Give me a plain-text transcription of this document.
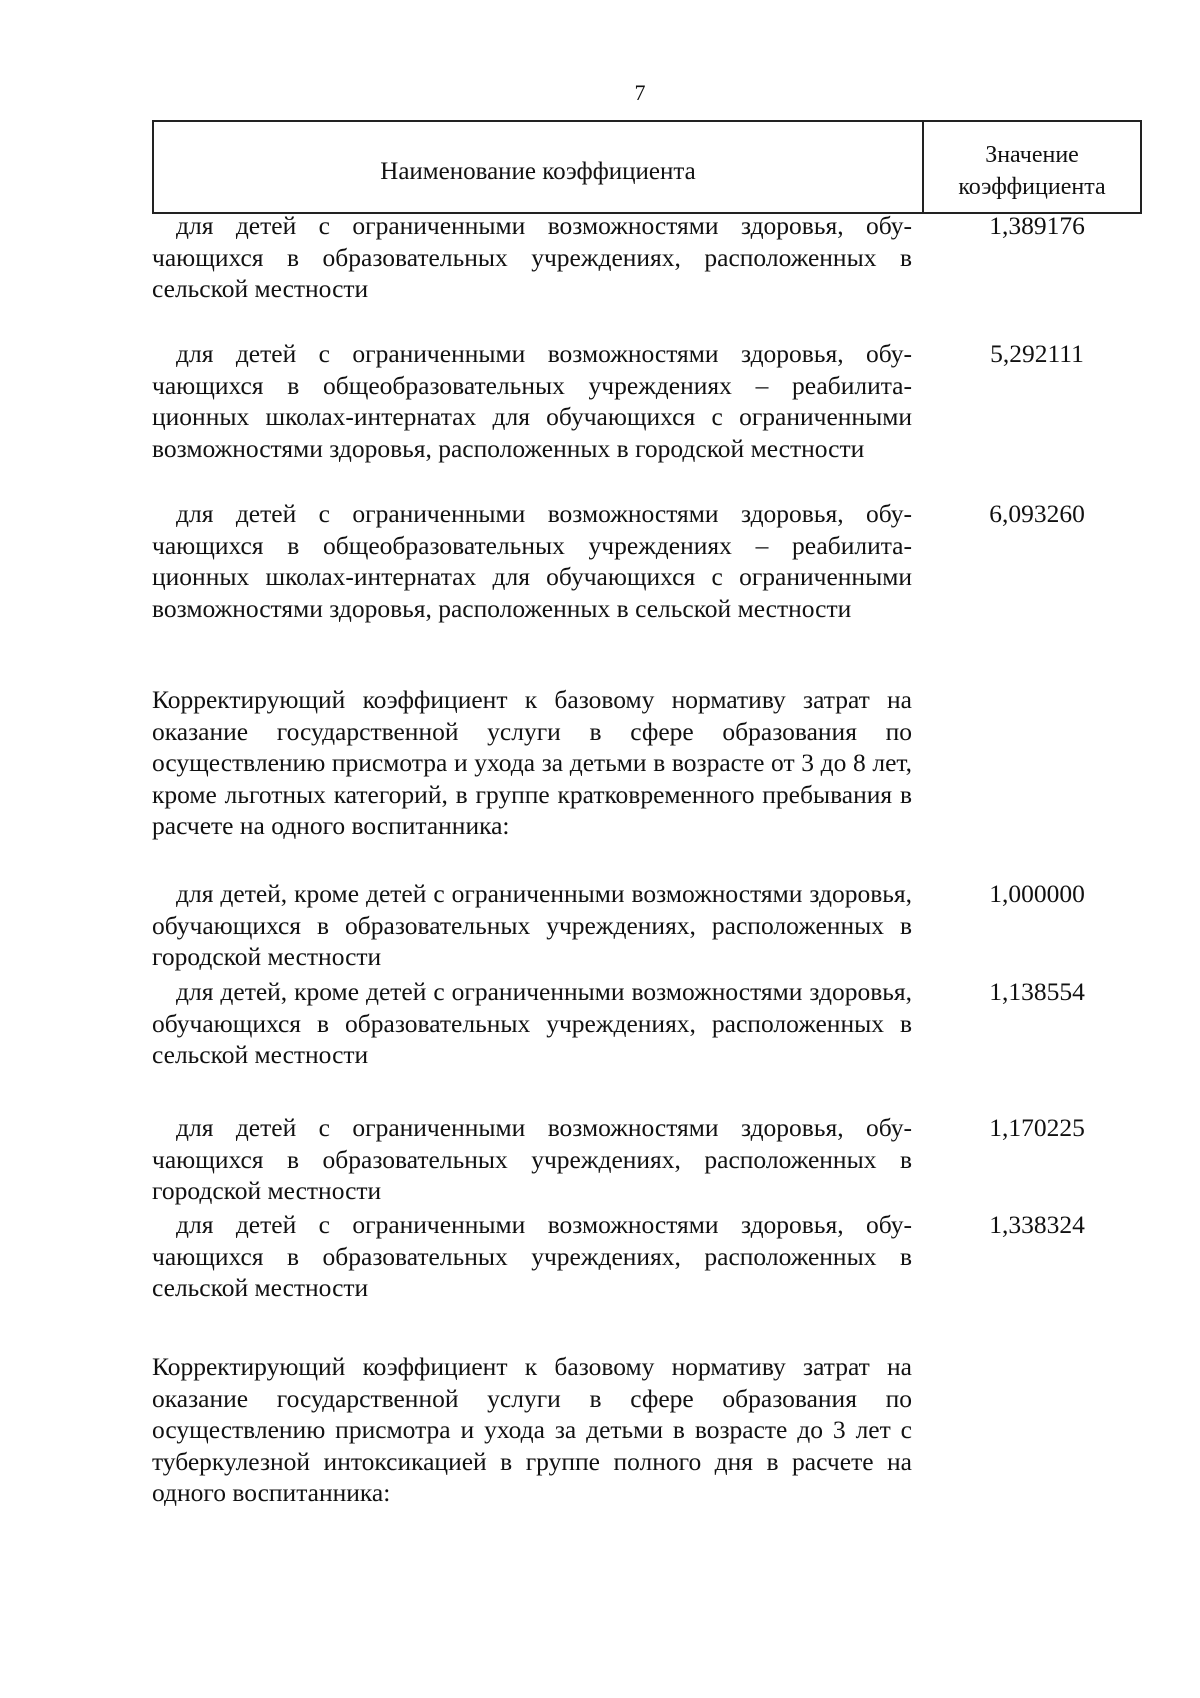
7
Наименование коэффициента
Значение коэффициента
для детей с ограниченными возможностями здоровья, обучающихся в образовательных учреждениях, расположенных в сельской местности
1,389176
для детей с ограниченными возможностями здоровья, обучающихся в общеобразовательных учреждениях – реабилитационных школах-интернатах для обучающихся с ограниченными возможностями здоровья, расположенных в городской местности
5,292111
для детей с ограниченными возможностями здоровья, обучающихся в общеобразовательных учреждениях – реабилитационных школах-интернатах для обучающихся с ограниченными возможностями здоровья, расположенных в сельской местности
6,093260
Корректирующий коэффициент к базовому нормативу затрат на оказание государственной услуги в сфере образования по осуществлению присмотра и ухода за детьми в возрасте от 3 до 8 лет, кроме льготных категорий, в группе кратковременного пребывания в расчете на одного воспитанника:
для детей, кроме детей с ограниченными возможностями здоровья, обучающихся в образовательных учреждениях, расположенных в городской местности
1,000000
для детей, кроме детей с ограниченными возможностями здоровья, обучающихся в образовательных учреждениях, расположенных в сельской местности
1,138554
для детей с ограниченными возможностями здоровья, обучающихся в образовательных учреждениях, расположенных в городской местности
1,170225
для детей с ограниченными возможностями здоровья, обучающихся в образовательных учреждениях, расположенных в сельской местности
1,338324
Корректирующий коэффициент к базовому нормативу затрат на оказание государственной услуги в сфере образования по осуществлению присмотра и ухода за детьми в возрасте до 3 лет с туберкулезной интоксикацией в группе полного дня в расчете на одного воспитанника:
